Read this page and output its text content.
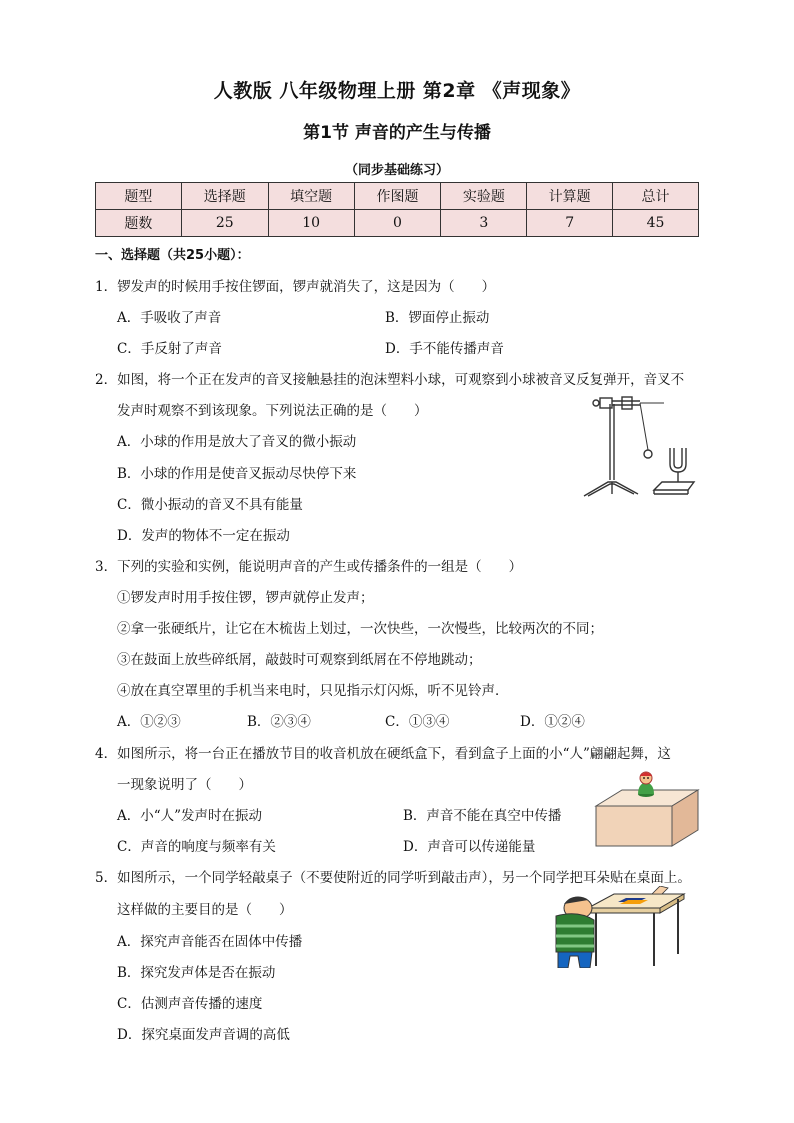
人教版 八年级物理上册 第2章 《声现象》
第1节 声音的产生与传播
（同步基础练习）
题型	选择题	填空题	作图题	实验题	计算题	总计
题数	25	10	0	3	7	45
一、选择题（共25小题）：
1．锣发声的时候用手按住锣面，锣声就消失了，这是因为（　　）
A．手吸收了声音	B．锣面停止振动
C．手反射了声音	D．手不能传播声音
2．如图，将一个正在发声的音叉接触悬挂的泡沫塑料小球，可观察到小球被音叉反复弹开，音叉不
发声时观察不到该现象。下列说法正确的是（　　）
A．小球的作用是放大了音叉的微小振动
B．小球的作用是使音叉振动尽快停下来
C．微小振动的音叉不具有能量
D．发声的物体不一定在振动
3．下列的实验和实例，能说明声音的产生或传播条件的一组是（　　）
①锣发声时用手按住锣，锣声就停止发声；
②拿一张硬纸片，让它在木梳齿上划过，一次快些，一次慢些，比较两次的不同；
③在鼓面上放些碎纸屑，敲鼓时可观察到纸屑在不停地跳动；
④放在真空罩里的手机当来电时，只见指示灯闪烁，听不见铃声．
A．①②③	B．②③④	C．①③④	D．①②④
4．如图所示，将一台正在播放节目的收音机放在硬纸盒下，看到盒子上面的小“人”翩翩起舞，这
一现象说明了（　　）
A．小“人”发声时在振动	B．声音不能在真空中传播
C．声音的响度与频率有关	D．声音可以传递能量
5．如图所示，一个同学轻敲桌子（不要使附近的同学听到敲击声），另一个同学把耳朵贴在桌面上。
这样做的主要目的是（　　）
A．探究声音能否在固体中传播
B．探究发声体是否在振动
C．估测声音传播的速度
D．探究桌面发声音调的高低
